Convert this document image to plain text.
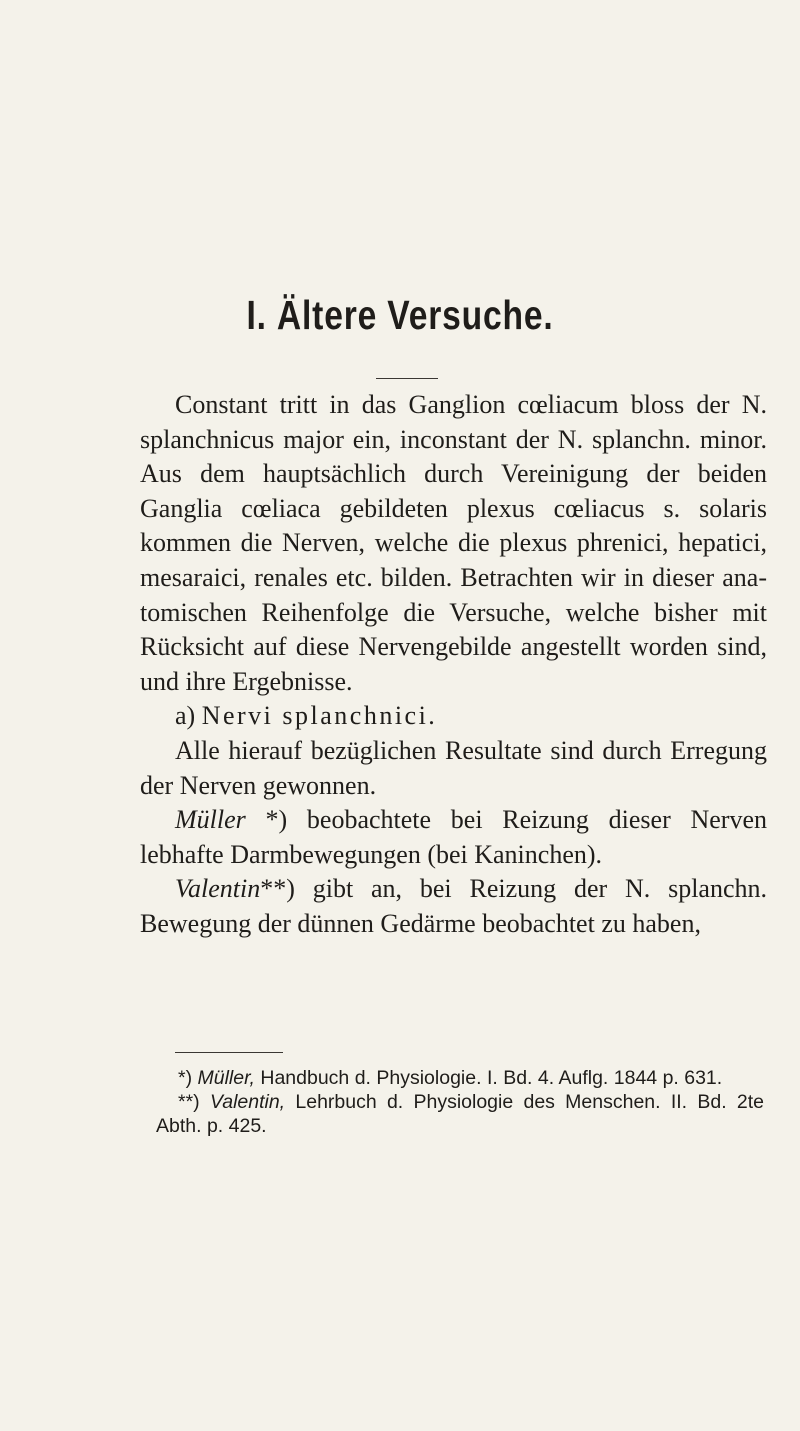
I. Ältere Versuche.

Constant tritt in das Ganglion cœliacum bloss der N. splanchnicus major ein, inconstant der N. splanchn. minor. Aus dem hauptsächlich durch Vereinigung der beiden Ganglia cœliaca gebildeten plexus cœliacus s. solaris kommen die Nerven, welche die plexus phrenici, hepatici, mesaraici, renales etc. bilden. Betrachten wir in dieser anatomischen Reihenfolge die Versuche, welche bisher mit Rücksicht auf diese Nervengebilde angestellt worden sind, und ihre Ergebnisse.

a) Nervi splanchnici.

Alle hierauf bezüglichen Resultate sind durch Erregung der Nerven gewonnen.

Müller *) beobachtete bei Reizung dieser Nerven lebhafte Darmbewegungen (bei Kaninchen).

Valentin**) gibt an, bei Reizung der N. splanchn. Bewegung der dünnen Gedärme beobachtet zu haben,

*) Müller, Handbuch d. Physiologie. I. Bd. 4. Auflg. 1844 p. 631.

**) Valentin, Lehrbuch d. Physiologie des Menschen. II. Bd. 2te Abth. p. 425.
